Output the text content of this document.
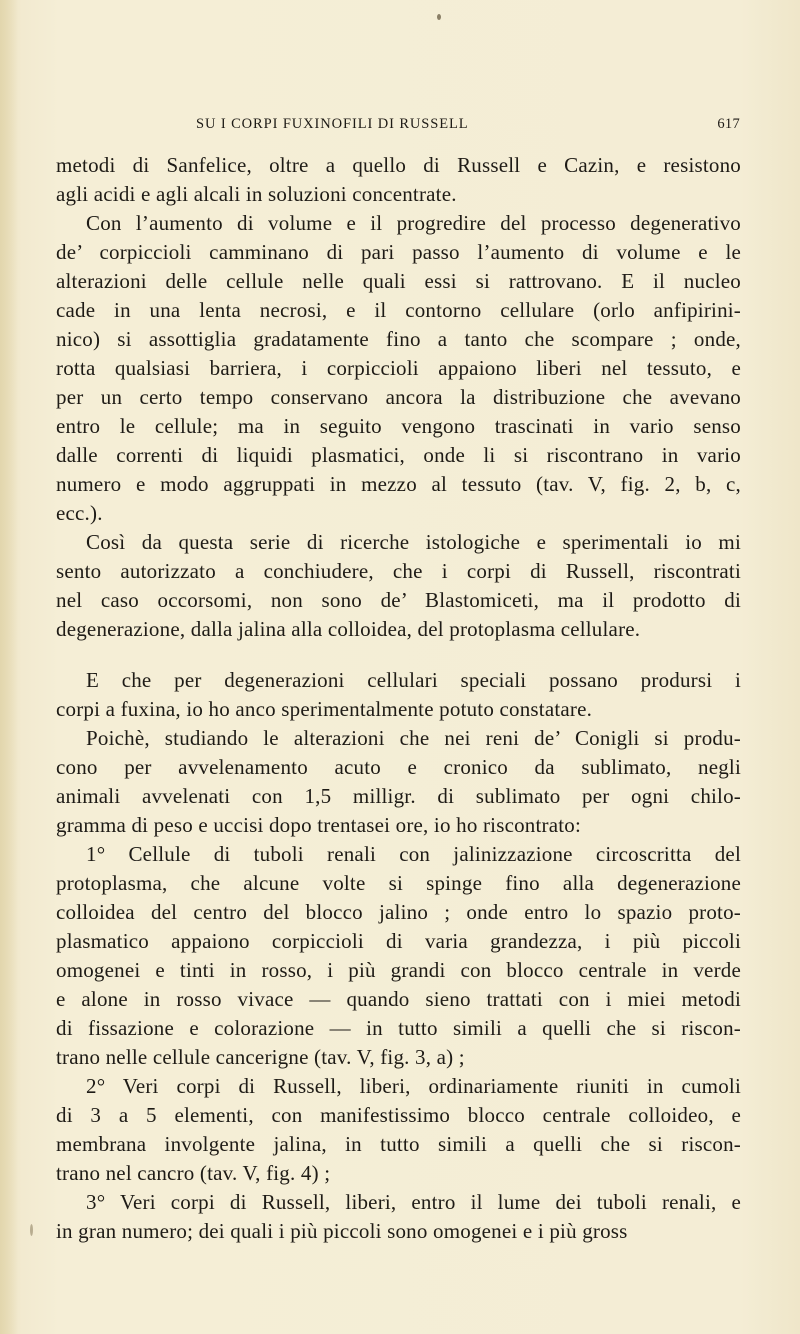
SU I CORPI FUXINOFILI DI RUSSELL	617
metodi di Sanfelice, oltre a quello di Russell e Cazin, e resistono
agli acidi e agli alcali in soluzioni concentrate.
Con l’aumento di volume e il progredire del processo degenerativo
de’ corpiccioli camminano di pari passo l’aumento di volume e le
alterazioni delle cellule nelle quali essi si rattrovano. E il nucleo
cade in una lenta necrosi, e il contorno cellulare (orlo anfipirini-
nico) si assottiglia gradatamente fino a tanto che scompare ; onde,
rotta qualsiasi barriera, i corpiccioli appaiono liberi nel tessuto, e
per un certo tempo conservano ancora la distribuzione che avevano
entro le cellule; ma in seguito vengono trascinati in vario senso
dalle correnti di liquidi plasmatici, onde li si riscontrano in vario
numero e modo aggruppati in mezzo al tessuto (tav. V, fig. 2, b, c,
ecc.).
Così da questa serie di ricerche istologiche e sperimentali io mi
sento autorizzato a conchiudere, che i corpi di Russell, riscontrati
nel caso occorsomi, non sono de’ Blastomiceti, ma il prodotto di
degenerazione, dalla jalina alla colloidea, del protoplasma cellulare.
E che per degenerazioni cellulari speciali possano prodursi i
corpi a fuxina, io ho anco sperimentalmente potuto constatare.
Poichè, studiando le alterazioni che nei reni de’ Conigli si produ-
cono per avvelenamento acuto e cronico da sublimato, negli
animali avvelenati con 1,5 milligr. di sublimato per ogni chilo-
gramma di peso e uccisi dopo trentasei ore, io ho riscontrato:
1° Cellule di tuboli renali con jalinizzazione circoscritta del
protoplasma, che alcune volte si spinge fino alla degenerazione
colloidea del centro del blocco jalino ; onde entro lo spazio proto-
plasmatico appaiono corpiccioli di varia grandezza, i più piccoli
omogenei e tinti in rosso, i più grandi con blocco centrale in verde
e alone in rosso vivace — quando sieno trattati con i miei metodi
di fissazione e colorazione — in tutto simili a quelli che si riscon-
trano nelle cellule cancerigne (tav. V, fig. 3, a) ;
2° Veri corpi di Russell, liberi, ordinariamente riuniti in cumoli
di 3 a 5 elementi, con manifestissimo blocco centrale colloideo, e
membrana involgente jalina, in tutto simili a quelli che si riscon-
trano nel cancro (tav. V, fig. 4) ;
3° Veri corpi di Russell, liberi, entro il lume dei tuboli renali, e
in gran numero; dei quali i più piccoli sono omogenei e i più gross
